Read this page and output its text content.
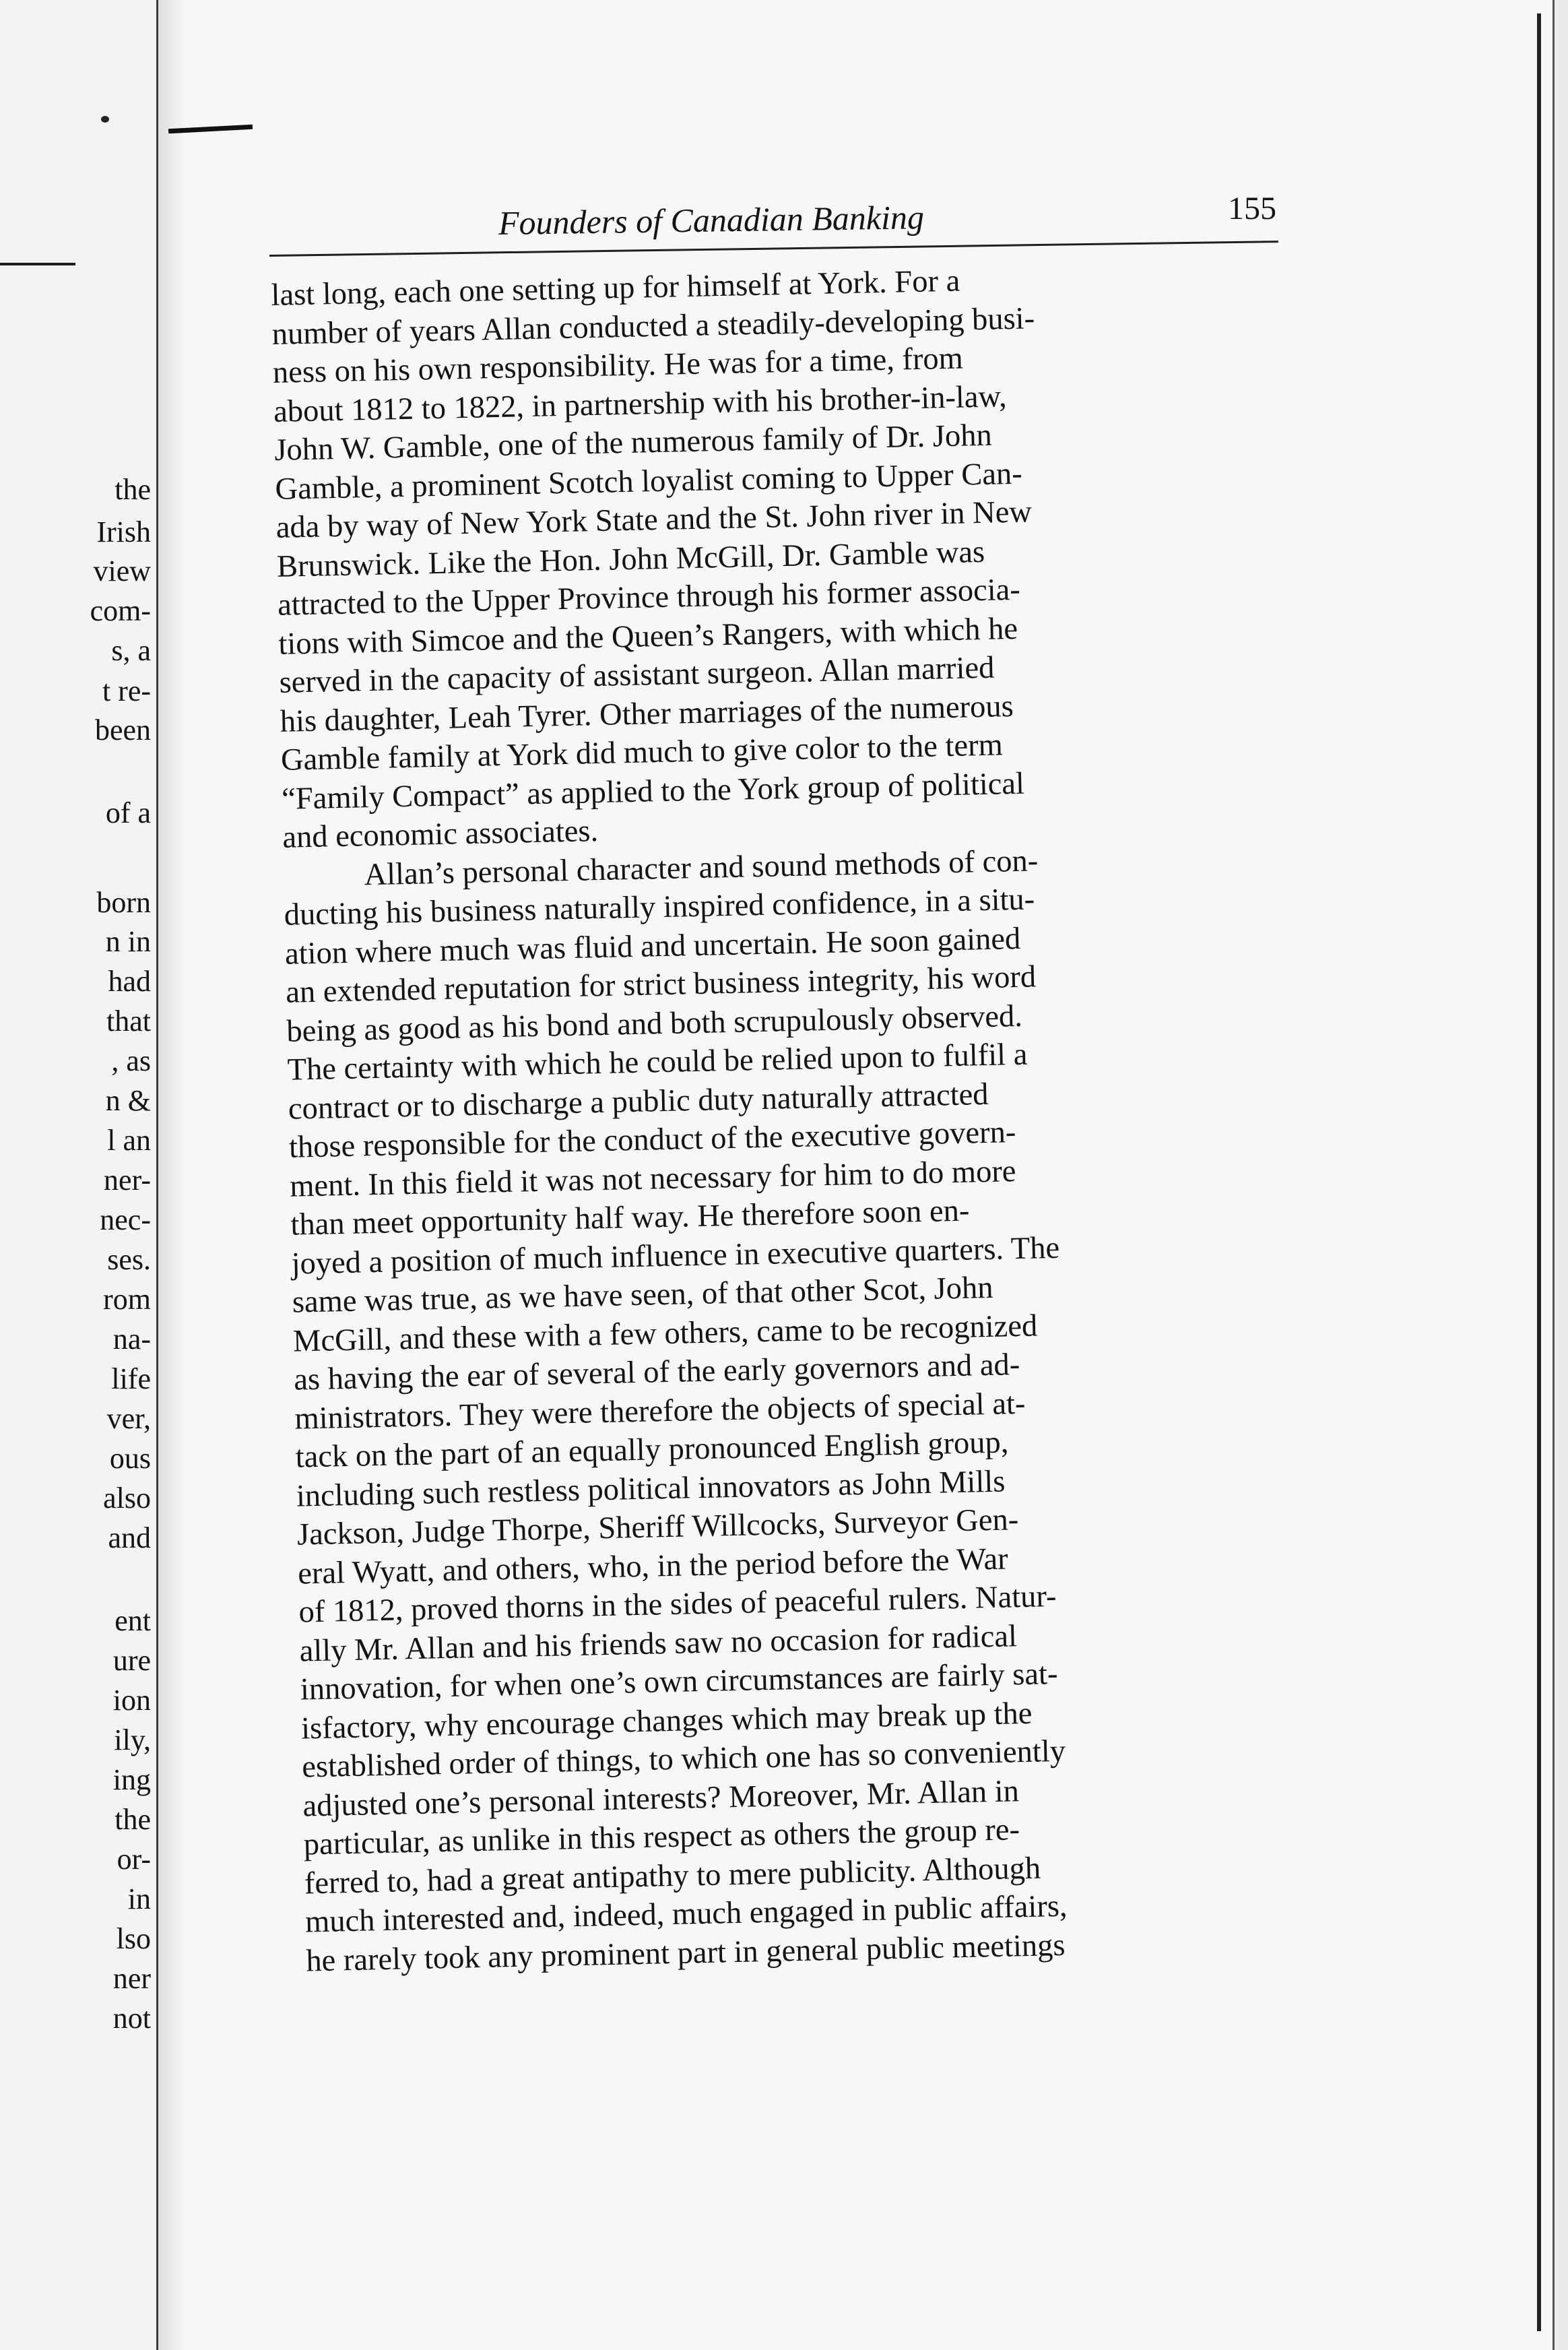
the
Irish
view
com-
s, a
t re-
been
of a
born
n in
had
that
, as
n &
l an
ner-
nec-
ses.
rom
na-
life
ver,
ous
also
and
ent
ure
ion
ily,
ing
the
or-
in
lso
ner
not
Founders of Canadian Banking	155
last long, each one setting up for himself at York. For a
number of years Allan conducted a steadily-developing busi-
ness on his own responsibility. He was for a time, from
about 1812 to 1822, in partnership with his brother-in-law,
John W. Gamble, one of the numerous family of Dr. John
Gamble, a prominent Scotch loyalist coming to Upper Can-
ada by way of New York State and the St. John river in New
Brunswick. Like the Hon. John McGill, Dr. Gamble was
attracted to the Upper Province through his former associa-
tions with Simcoe and the Queen’s Rangers, with which he
served in the capacity of assistant surgeon. Allan married
his daughter, Leah Tyrer. Other marriages of the numerous
Gamble family at York did much to give color to the term
“Family Compact” as applied to the York group of political
and economic associates.
Allan’s personal character and sound methods of con-
ducting his business naturally inspired confidence, in a situ-
ation where much was fluid and uncertain. He soon gained
an extended reputation for strict business integrity, his word
being as good as his bond and both scrupulously observed.
The certainty with which he could be relied upon to fulfil a
contract or to discharge a public duty naturally attracted
those responsible for the conduct of the executive govern-
ment. In this field it was not necessary for him to do more
than meet opportunity half way. He therefore soon en-
joyed a position of much influence in executive quarters. The
same was true, as we have seen, of that other Scot, John
McGill, and these with a few others, came to be recognized
as having the ear of several of the early governors and ad-
ministrators. They were therefore the objects of special at-
tack on the part of an equally pronounced English group,
including such restless political innovators as John Mills
Jackson, Judge Thorpe, Sheriff Willcocks, Surveyor Gen-
eral Wyatt, and others, who, in the period before the War
of 1812, proved thorns in the sides of peaceful rulers. Natur-
ally Mr. Allan and his friends saw no occasion for radical
innovation, for when one’s own circumstances are fairly sat-
isfactory, why encourage changes which may break up the
established order of things, to which one has so conveniently
adjusted one’s personal interests? Moreover, Mr. Allan in
particular, as unlike in this respect as others the group re-
ferred to, had a great antipathy to mere publicity. Although
much interested and, indeed, much engaged in public affairs,
he rarely took any prominent part in general public meetings
